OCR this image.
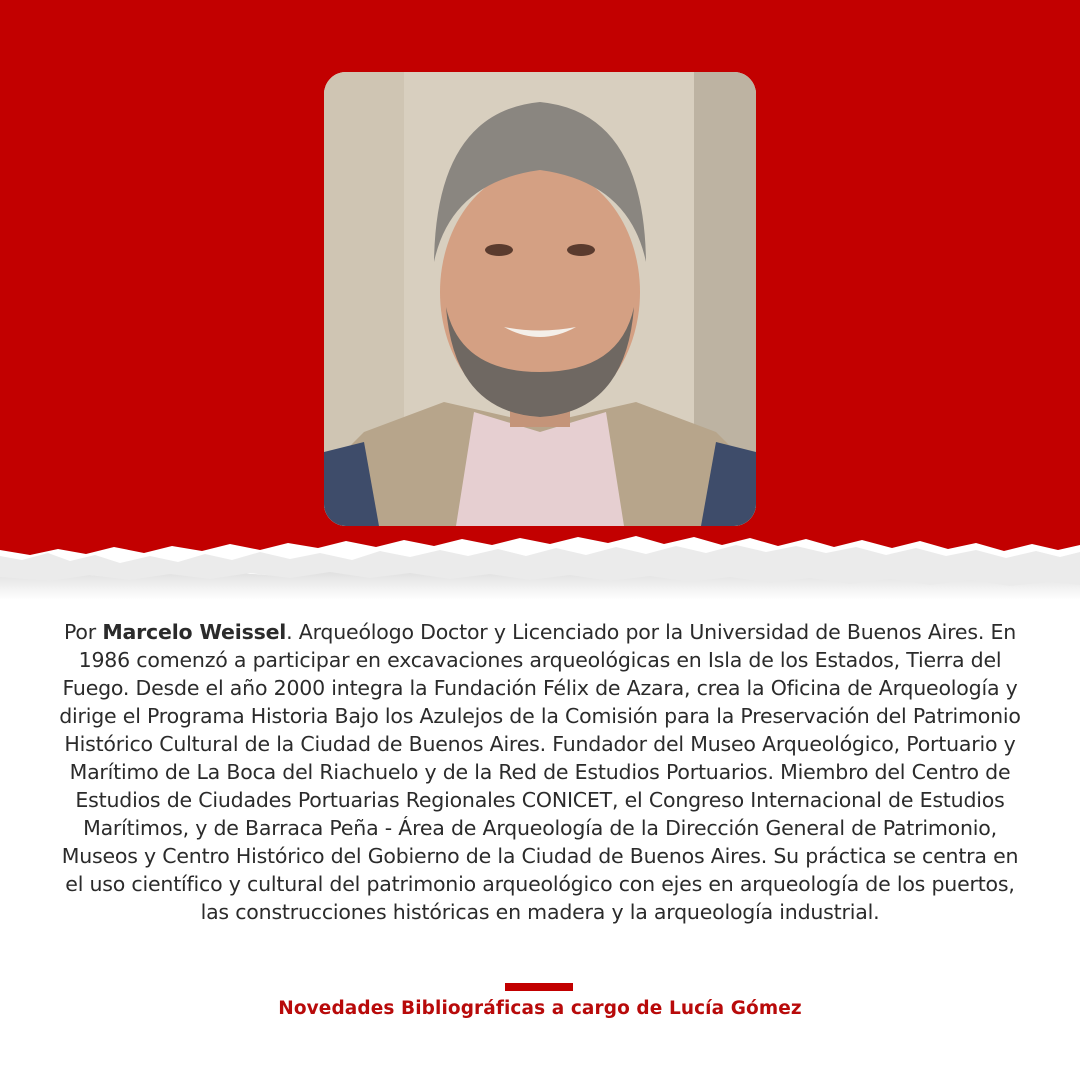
Por Marcelo Weissel. Arqueólogo Doctor y Licenciado por la Universidad de Buenos Aires. En 1986 comenzó a participar en excavaciones arqueológicas en Isla de los Estados, Tierra del Fuego. Desde el año 2000 integra la Fundación Félix de Azara, crea la Oficina de Arqueología y dirige el Programa Historia Bajo los Azulejos de la Comisión para la Preservación del Patrimonio Histórico Cultural de la Ciudad de Buenos Aires. Fundador del Museo Arqueológico, Portuario y Marítimo de La Boca del Riachuelo y de la Red de Estudios Portuarios. Miembro del Centro de Estudios de Ciudades Portuarias Regionales CONICET, el Congreso Internacional de Estudios Marítimos, y de Barraca Peña - Área de Arqueología de la Dirección General de Patrimonio, Museos y Centro Histórico del Gobierno de la Ciudad de Buenos Aires. Su práctica se centra en el uso científico y cultural del patrimonio arqueológico con ejes en arqueología de los puertos, las construcciones históricas en madera y la arqueología industrial.

Novedades Bibliográficas a cargo de Lucía Gómez
